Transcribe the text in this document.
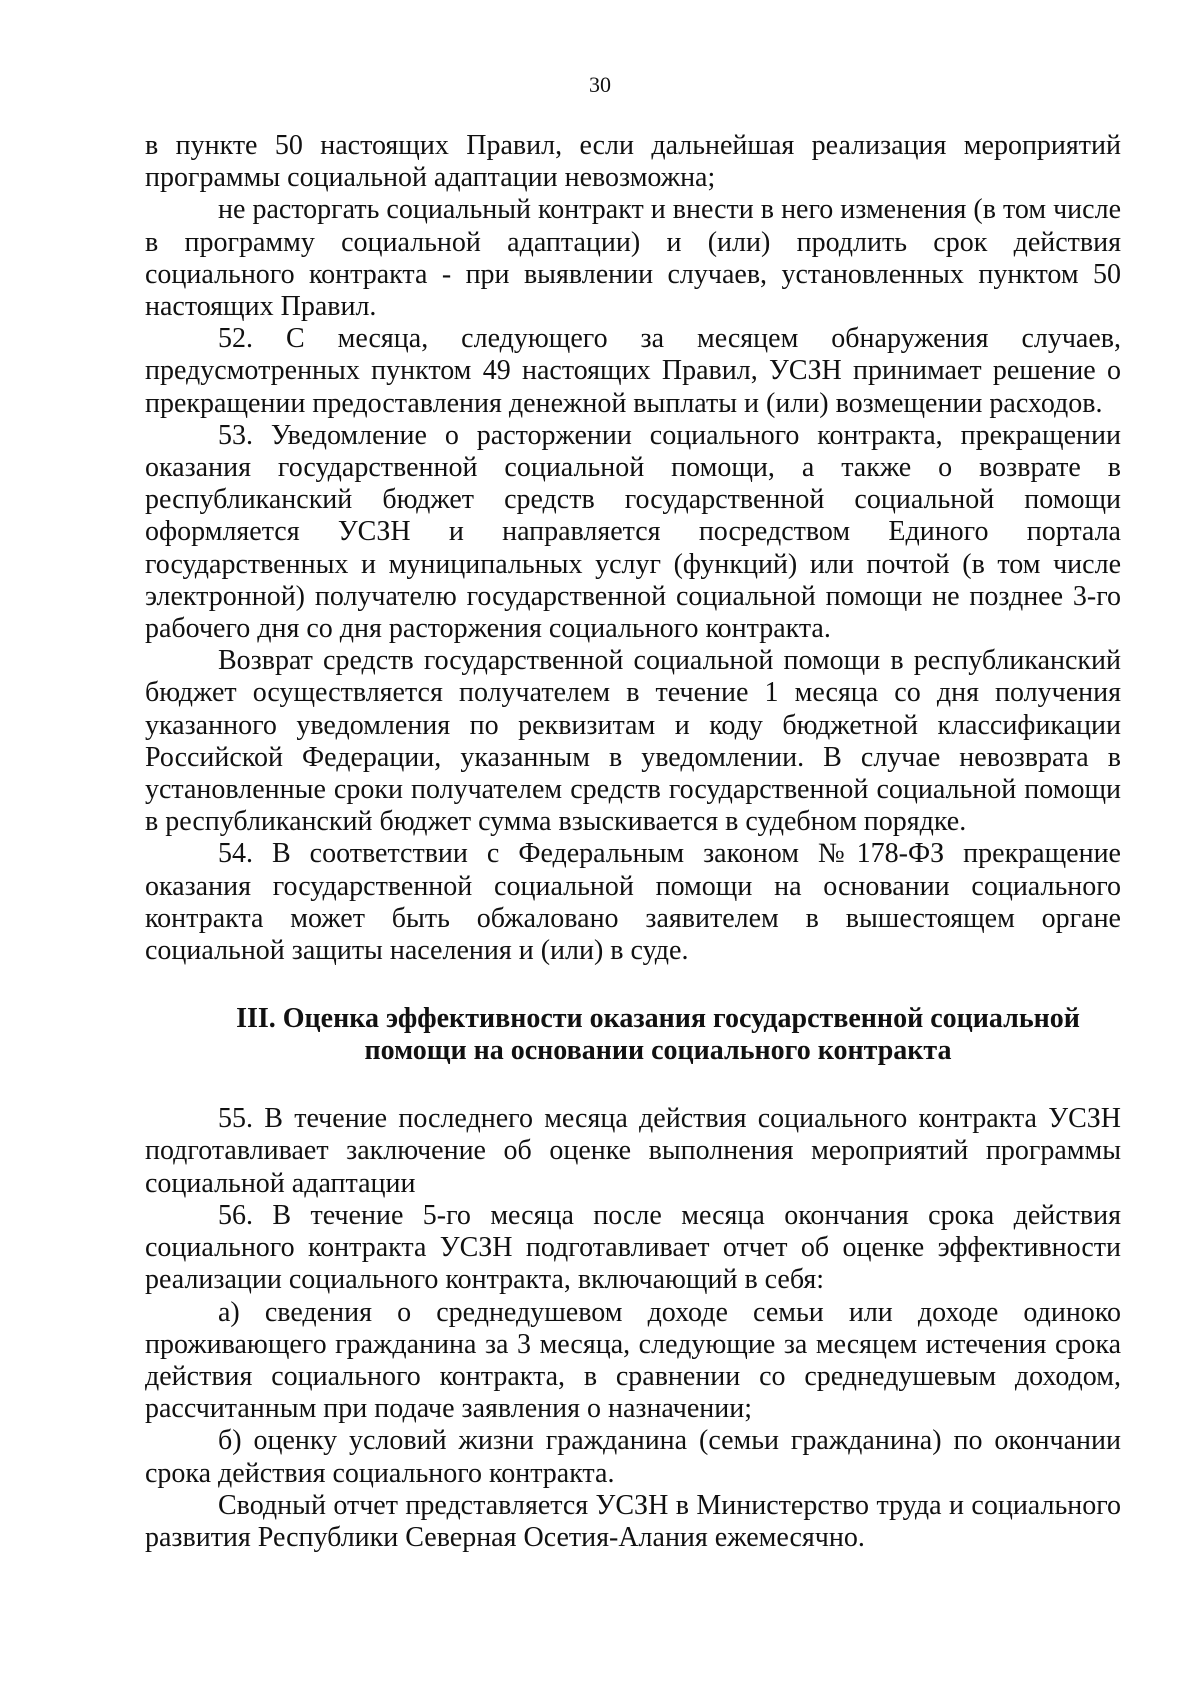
30

в пункте 50 настоящих Правил, если дальнейшая реализация мероприятий программы социальной адаптации невозможна;

не расторгать социальный контракт и внести в него изменения (в том числе в программу социальной адаптации) и (или) продлить срок действия социального контракта - при выявлении случаев, установленных пунктом 50 настоящих Правил.

52. С месяца, следующего за месяцем обнаружения случаев, предусмотренных пунктом 49 настоящих Правил, УСЗН принимает решение о прекращении предоставления денежной выплаты и (или) возмещении расходов.

53. Уведомление о расторжении социального контракта, прекращении оказания государственной социальной помощи, а также о возврате в республиканский бюджет средств государственной социальной помощи оформляется УСЗН и направляется посредством Единого портала государственных и муниципальных услуг (функций) или почтой (в том числе электронной) получателю государственной социальной помощи не позднее 3-го рабочего дня со дня расторжения социального контракта.

Возврат средств государственной социальной помощи в республиканский бюджет осуществляется получателем в течение 1 месяца со дня получения указанного уведомления по реквизитам и коду бюджетной классификации Российской Федерации, указанным в уведомлении. В случае невозврата в установленные сроки получателем средств государственной социальной помощи в республиканский бюджет сумма взыскивается в судебном порядке.

54. В соответствии с Федеральным законом №178-ФЗ прекращение оказания государственной социальной помощи на основании социального контракта может быть обжаловано заявителем в вышестоящем органе социальной защиты населения и (или) в суде.

III. Оценка эффективности оказания государственной социальной помощи на основании социального контракта

55. В течение последнего месяца действия социального контракта УСЗН подготавливает заключение об оценке выполнения мероприятий программы социальной адаптации

56. В течение 5-го месяца после месяца окончания срока действия социального контракта УСЗН подготавливает отчет об оценке эффективности реализации социального контракта, включающий в себя:

а) сведения о среднедушевом доходе семьи или доходе одиноко проживающего гражданина за 3 месяца, следующие за месяцем истечения срока действия социального контракта, в сравнении со среднедушевым доходом, рассчитанным при подаче заявления о назначении;

б) оценку условий жизни гражданина (семьи гражданина) по окончании срока действия социального контракта.

Сводный отчет представляется УСЗН в Министерство труда и социального развития Республики Северная Осетия-Алания ежемесячно.
